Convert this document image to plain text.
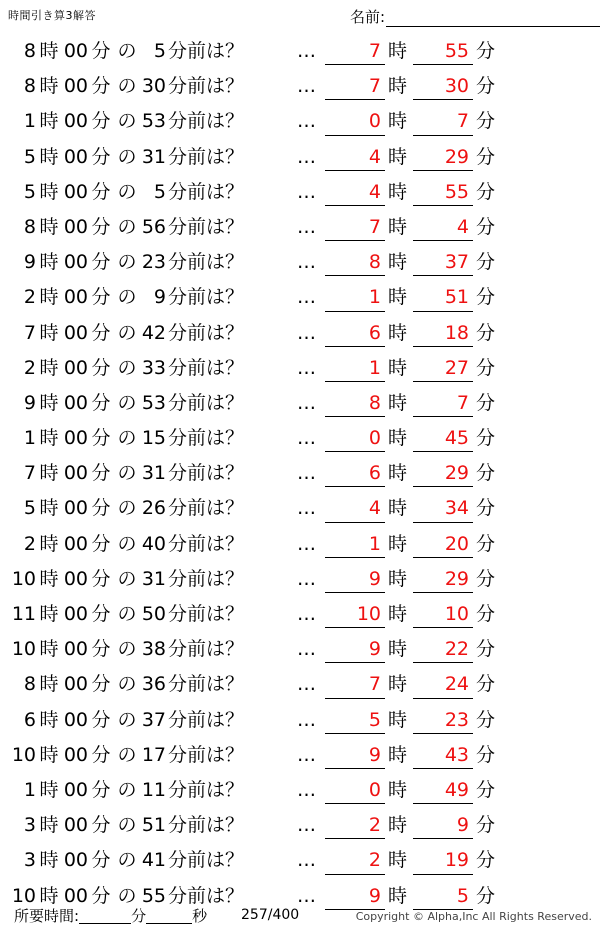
時間引き算3解答	名前:
8 時 00 分 の 5 分前は？	…	7 時	55 分
8 時 00 分 の 30 分前は？	…	7 時	30 分
1 時 00 分 の 53 分前は？	…	0 時	7 分
5 時 00 分 の 31 分前は？	…	4 時	29 分
5 時 00 分 の 5 分前は？	…	4 時	55 分
8 時 00 分 の 56 分前は？	…	7 時	4 分
9 時 00 分 の 23 分前は？	…	8 時	37 分
2 時 00 分 の 9 分前は？	…	1 時	51 分
7 時 00 分 の 42 分前は？	…	6 時	18 分
2 時 00 分 の 33 分前は？	…	1 時	27 分
9 時 00 分 の 53 分前は？	…	8 時	7 分
1 時 00 分 の 15 分前は？	…	0 時	45 分
7 時 00 分 の 31 分前は？	…	6 時	29 分
5 時 00 分 の 26 分前は？	…	4 時	34 分
2 時 00 分 の 40 分前は？	…	1 時	20 分
10 時 00 分 の 31 分前は？	…	9 時	29 分
11 時 00 分 の 50 分前は？	…	10 時	10 分
10 時 00 分 の 38 分前は？	…	9 時	22 分
8 時 00 分 の 36 分前は？	…	7 時	24 分
6 時 00 分 の 37 分前は？	…	5 時	23 分
10 時 00 分 の 17 分前は？	…	9 時	43 分
1 時 00 分 の 11 分前は？	…	0 時	49 分
3 時 00 分 の 51 分前は？	…	2 時	9 分
3 時 00 分 の 41 分前は？	…	2 時	19 分
10 時 00 分 の 55 分前は？	…	9 時	5 分
所要時間:	分	秒 257/400	Copyright © Alpha,Inc All Rights Reserved.
